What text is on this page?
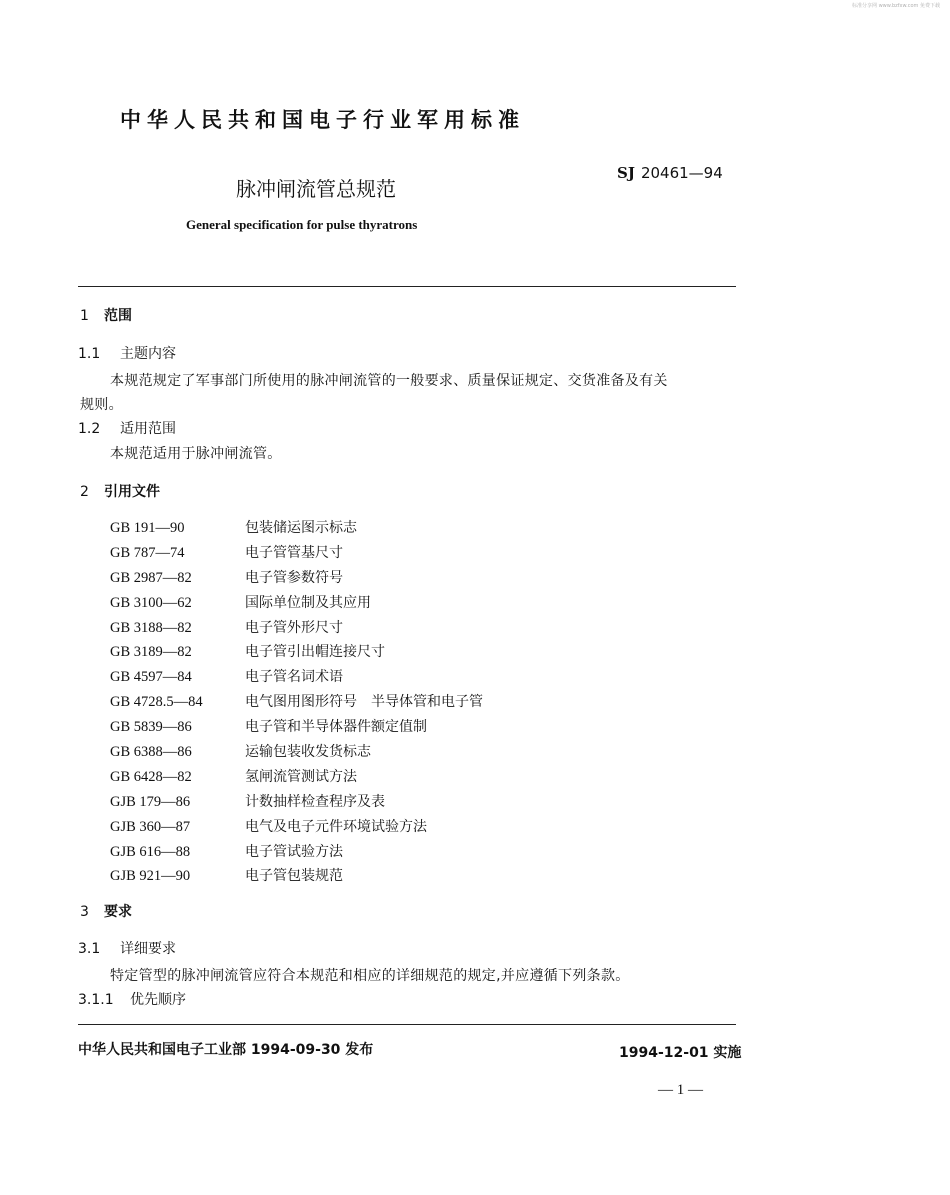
标准分享网 www.bzfxw.com 免费下载
中华人民共和国电子行业军用标准
脉冲闸流管总规范
SJ 20461—94
General specification for pulse thyratrons
1 范围
1.1 主题内容
本规范规定了军事部门所使用的脉冲闸流管的一般要求、质量保证规定、交货准备及有关
规则。
1.2 适用范围
本规范适用于脉冲闸流管。
2 引用文件
GB 191—90	包装储运图示标志
GB 787—74	电子管管基尺寸
GB 2987—82	电子管参数符号
GB 3100—62	国际单位制及其应用
GB 3188—82	电子管外形尺寸
GB 3189—82	电子管引出帽连接尺寸
GB 4597—84	电子管名词术语
GB 4728.5—84	电气图用图形符号　半导体管和电子管
GB 5839—86	电子管和半导体器件额定值制
GB 6388—86	运输包装收发货标志
GB 6428—82	氢闸流管测试方法
GJB 179—86	计数抽样检查程序及表
GJB 360—87	电气及电子元件环境试验方法
GJB 616—88	电子管试验方法
GJB 921—90	电子管包装规范
3 要求
3.1 详细要求
特定管型的脉冲闸流管应符合本规范和相应的详细规范的规定,并应遵循下列条款。
3.1.1 优先顺序
中华人民共和国电子工业部 1994-09-30 发布	1994-12-01 实施
— 1 —
